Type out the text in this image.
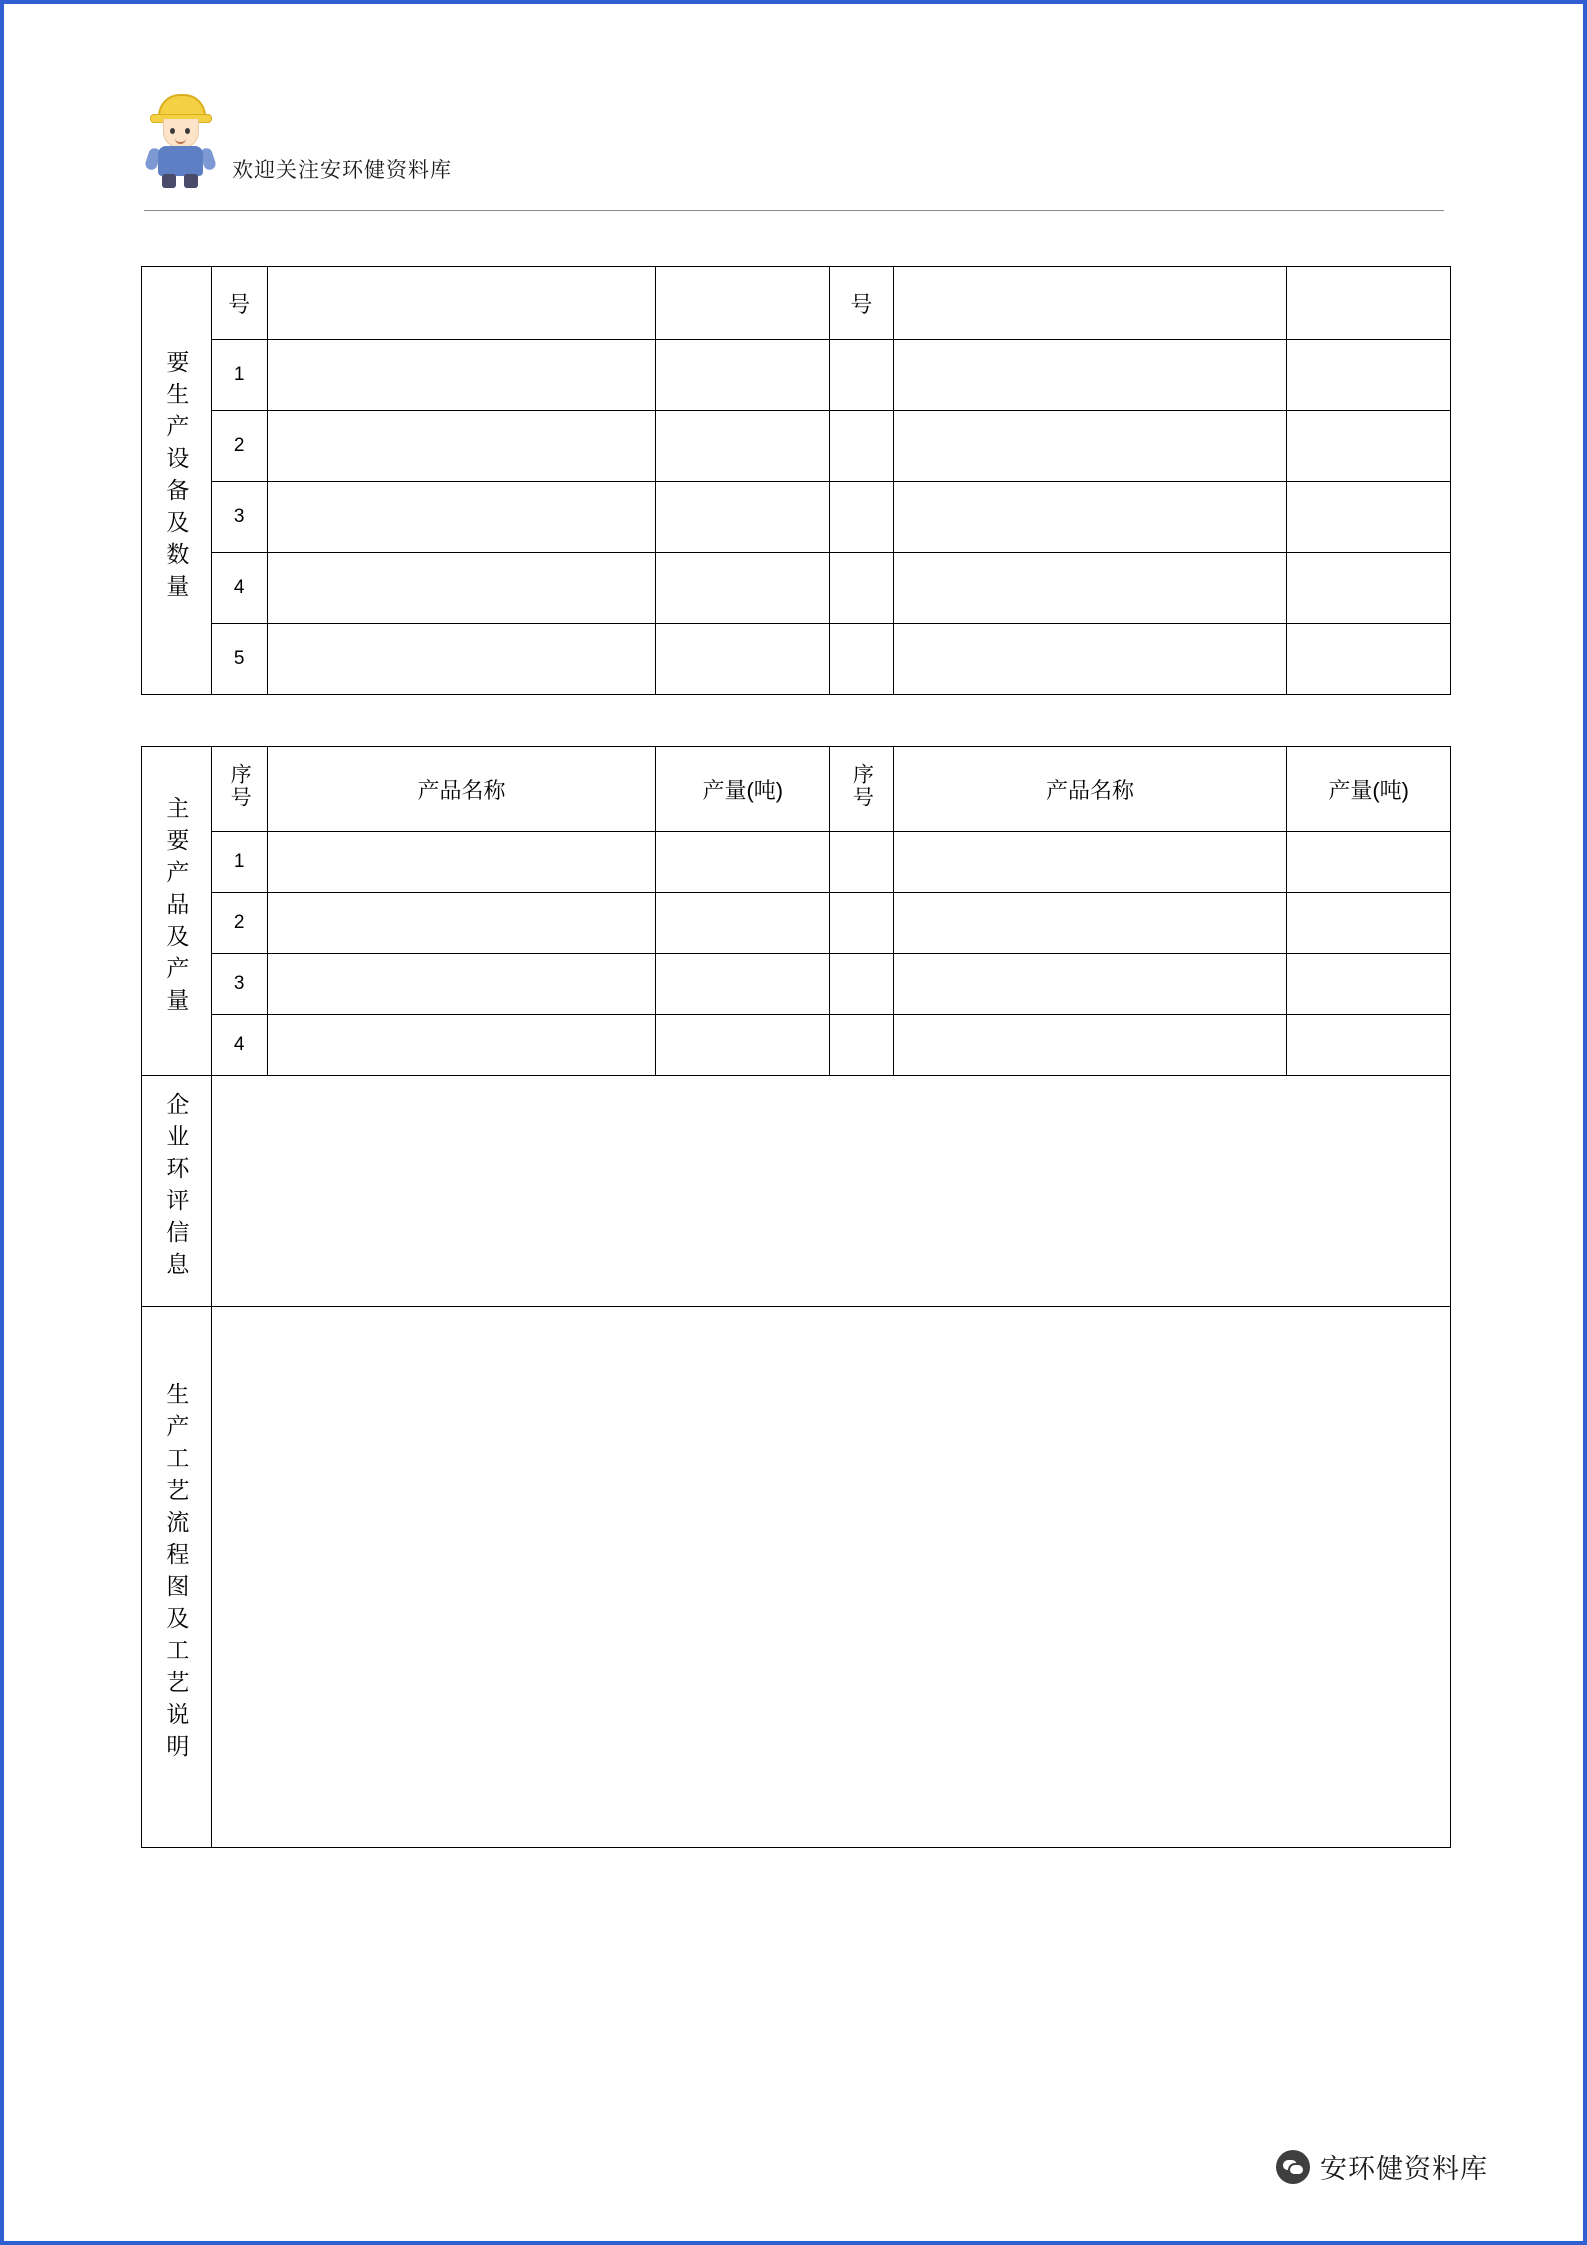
欢迎关注安环健资料库
要生产设备及数量	号			号		
	1					
	2					
	3					
	4					
	5					
主要产品及产量	序号	产品名称	产量(吨)	序号	产品名称	产量(吨)
	1					
	2					
	3					
	4					
企业环评信息						
生产工艺流程图及工艺说明						
安环健资料库
